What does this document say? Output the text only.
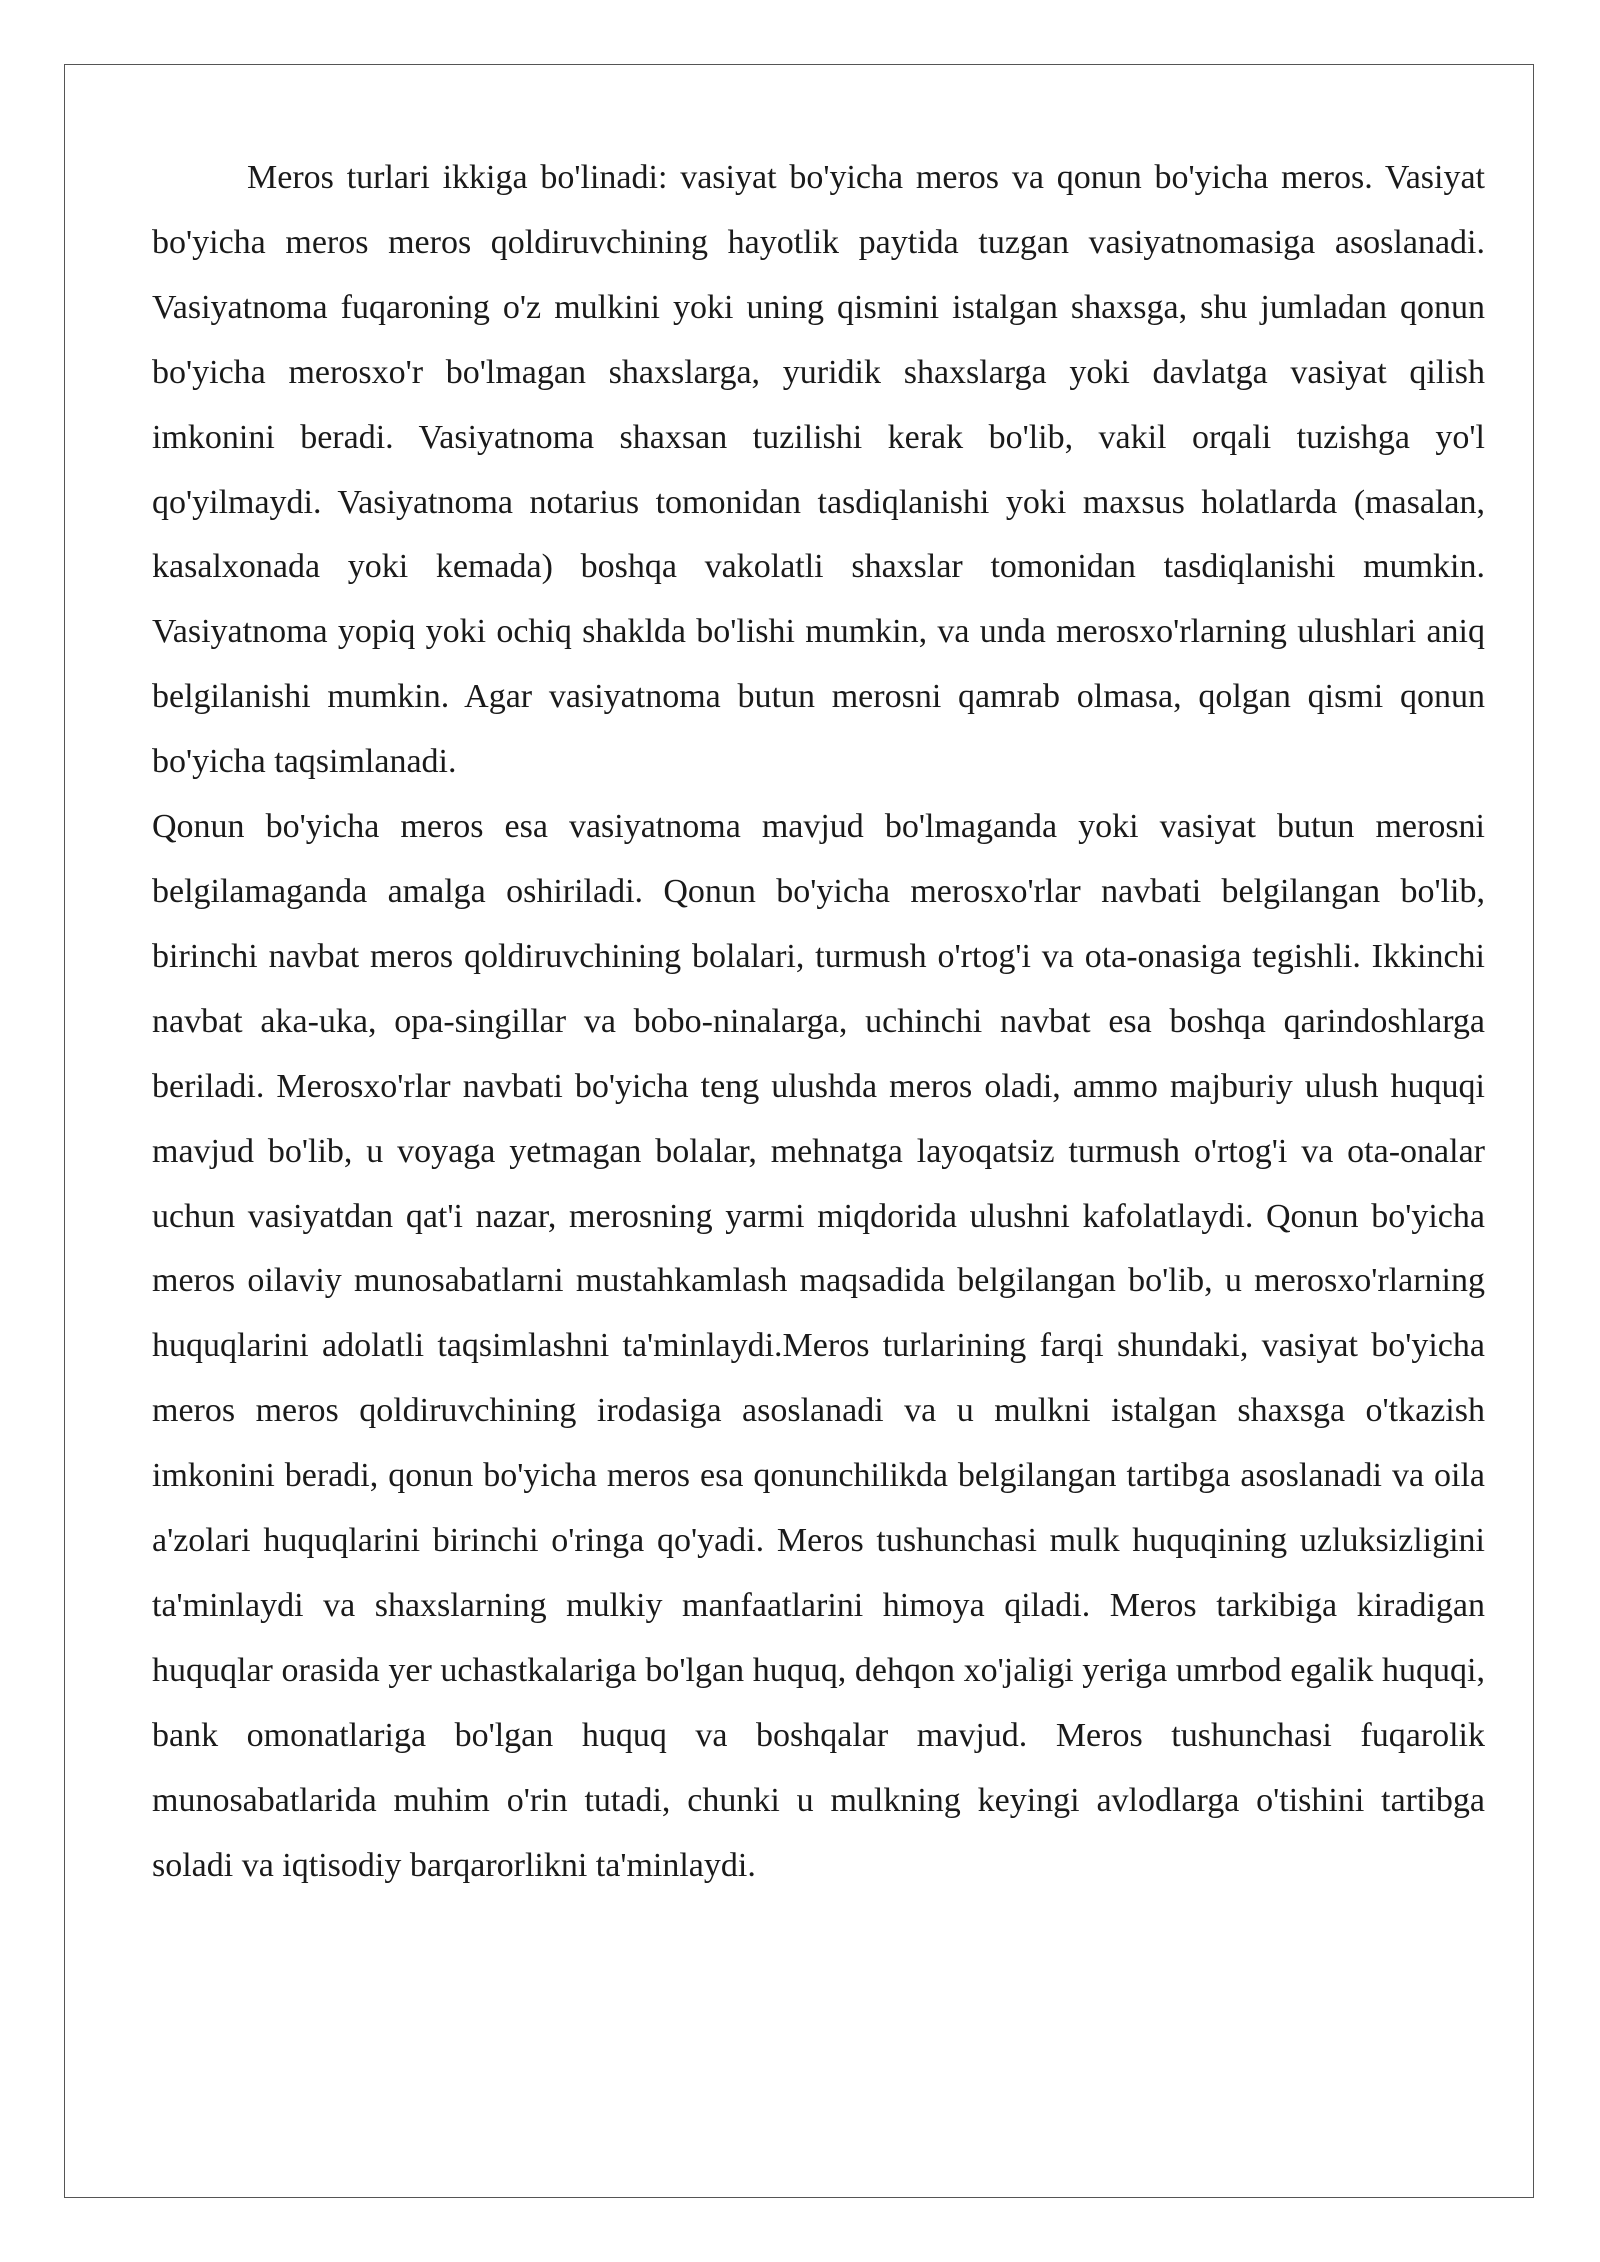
Meros turlari ikkiga bo'linadi: vasiyat bo'yicha meros va qonun bo'yicha meros. Vasiyat bo'yicha meros meros qoldiruvchining hayotlik paytida tuzgan vasiyatnomasiga asoslanadi. Vasiyatnoma fuqaroning o'z mulkini yoki uning qismini istalgan shaxsga, shu jumladan qonun bo'yicha merosxo'r bo'lmagan shaxslarga, yuridik shaxslarga yoki davlatga vasiyat qilish imkonini beradi. Vasiyatnoma shaxsan tuzilishi kerak bo'lib, vakil orqali tuzishga yo'l qo'yilmaydi. Vasiyatnoma notarius tomonidan tasdiqlanishi yoki maxsus holatlarda (masalan, kasalxonada yoki kemada) boshqa vakolatli shaxslar tomonidan tasdiqlanishi mumkin. Vasiyatnoma yopiq yoki ochiq shaklda bo'lishi mumkin, va unda merosxo'rlarning ulushlari aniq belgilanishi mumkin. Agar vasiyatnoma butun merosni qamrab olmasa, qolgan qismi qonun bo'yicha taqsimlanadi.

Qonun bo'yicha meros esa vasiyatnoma mavjud bo'lmaganda yoki vasiyat butun merosni belgilamaganda amalga oshiriladi. Qonun bo'yicha merosxo'rlar navbati belgilangan bo'lib, birinchi navbat meros qoldiruvchining bolalari, turmush o'rtog'i va ota-onasiga tegishli. Ikkinchi navbat aka-uka, opa-singillar va bobo-ninalarga, uchinchi navbat esa boshqa qarindoshlarga beriladi. Merosxo'rlar navbati bo'yicha teng ulushda meros oladi, ammo majburiy ulush huquqi mavjud bo'lib, u voyaga yetmagan bolalar, mehnatga layoqatsiz turmush o'rtog'i va ota-onalar uchun vasiyatdan qat'i nazar, merosning yarmi miqdorida ulushni kafolatlaydi. Qonun bo'yicha meros oilaviy munosabatlarni mustahkamlash maqsadida belgilangan bo'lib, u merosxo'rlarning huquqlarini adolatli taqsimlashni ta'minlaydi.Meros turlarining farqi shundaki, vasiyat bo'yicha meros meros qoldiruvchining irodasiga asoslanadi va u mulkni istalgan shaxsga o'tkazish imkonini beradi, qonun bo'yicha meros esa qonunchilikda belgilangan tartibga asoslanadi va oila a'zolari huquqlarini birinchi o'ringa qo'yadi. Meros tushunchasi mulk huquqining uzluksizligini ta'minlaydi va shaxslarning mulkiy manfaatlarini himoya qiladi. Meros tarkibiga kiradigan huquqlar orasida yer uchastkalariga bo'lgan huquq, dehqon xo'jaligi yeriga umrbod egalik huquqi, bank omonatlariga bo'lgan huquq va boshqalar mavjud. Meros tushunchasi fuqarolik munosabatlarida muhim o'rin tutadi, chunki u mulkning keyingi avlodlarga o'tishini tartibga soladi va iqtisodiy barqarorlikni ta'minlaydi.
